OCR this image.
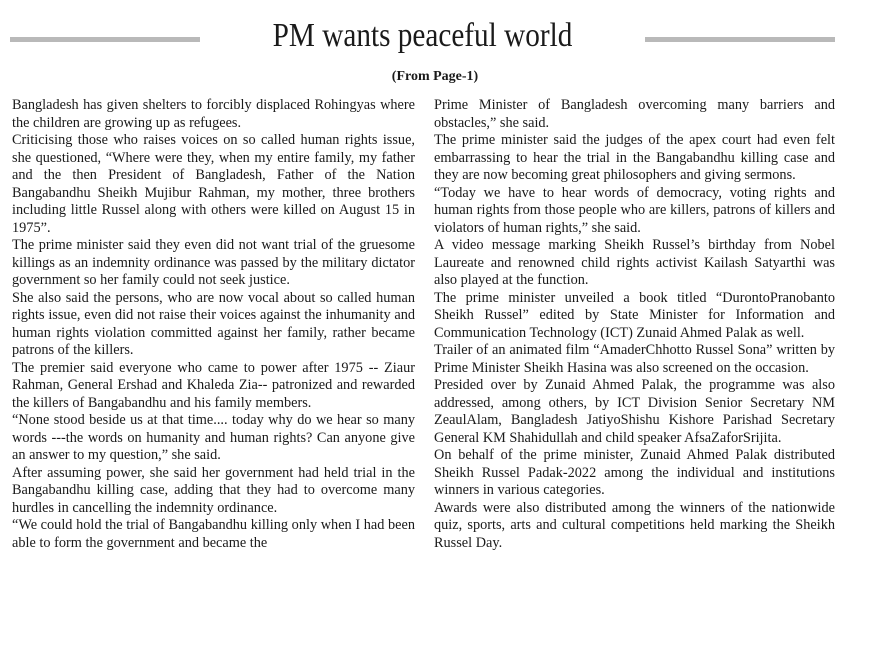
PM wants peaceful world
(From Page-1)

Bangladesh has given shelters to forcibly displaced Rohingyas where the children are growing up as refugees.

Criticising those who raises voices on so called human rights issue, she questioned, “Where were they, when my entire family, my father and the then President of Bangladesh, Father of the Nation Bangabandhu Sheikh Mujibur Rahman, my mother, three brothers including little Russel along with others were killed on August 15 in 1975”.

The prime minister said they even did not want trial of the gruesome killings as an indemnity ordinance was passed by the military dictator government so her family could not seek justice.

She also said the persons, who are now vocal about so called human rights issue, even did not raise their voices against the inhumanity and human rights violation committed against her family, rather became patrons of the killers.

The premier said everyone who came to power after 1975 -- Ziaur Rahman, General Ershad and Khaleda Zia-- patronized and rewarded the killers of Bangabandhu and his family members.

“None stood beside us at that time.... today why do we hear so many words ---the words on humanity and human rights? Can anyone give an answer to my question,” she said.

After assuming power, she said her government had held trial in the Bangabandhu killing case, adding that they had to overcome many hurdles in cancelling the indemnity ordinance.

“We could hold the trial of Bangabandhu killing only when I had been able to form the government and became the

Prime Minister of Bangladesh overcoming many barriers and obstacles,” she said.

The prime minister said the judges of the apex court had even felt embarrassing to hear the trial in the Bangabandhu killing case and they are now becoming great philosophers and giving sermons.

“Today we have to hear words of democracy, voting rights and human rights from those people who are killers, patrons of killers and violators of human rights,” she said.

A video message marking Sheikh Russel’s birthday from Nobel Laureate and renowned child rights activist Kailash Satyarthi was also played at the function.

The prime minister unveiled a book titled “DurontoPranobanto Sheikh Russel” edited by State Minister for Information and Communication Technology (ICT) Zunaid Ahmed Palak as well.

Trailer of an animated film “AmaderChhotto Russel Sona” written by Prime Minister Sheikh Hasina was also screened on the occasion.

Presided over by Zunaid Ahmed Palak, the programme was also addressed, among others, by ICT Division Senior Secretary NM ZeaulAlam, Bangladesh JatiyoShishu Kishore Parishad Secretary General KM Shahidullah and child speaker AfsaZaforSrijita.

On behalf of the prime minister, Zunaid Ahmed Palak distributed Sheikh Russel Padak-2022 among the individual and institutions winners in various categories.

Awards were also distributed among the winners of the nationwide quiz, sports, arts and cultural competitions held marking the Sheikh Russel Day.
